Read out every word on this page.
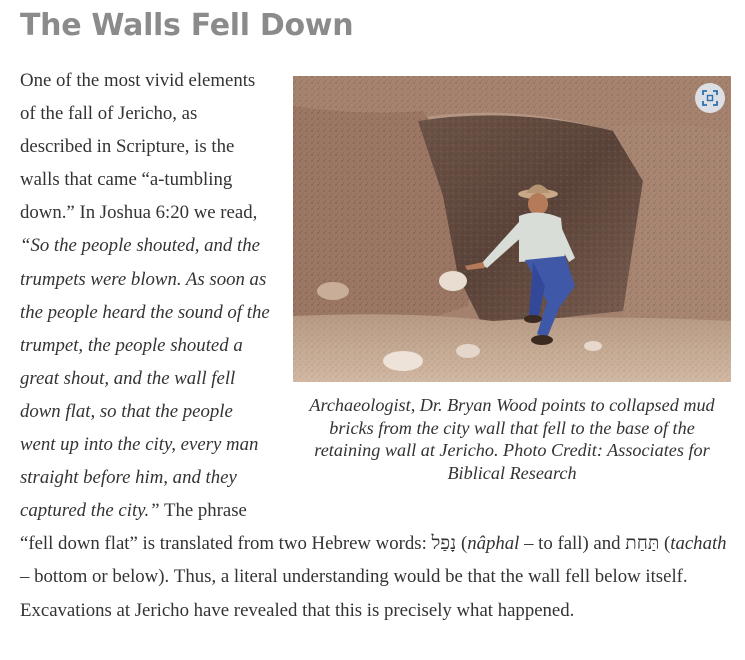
The Walls Fell Down
Archaeologist, Dr. Bryan Wood points to collapsed mud bricks from the city wall that fell to the base of the retaining wall at Jericho. Photo Credit: Associates for Biblical Research
One of the most vivid elements of the fall of Jericho, as described in Scripture, is the walls that came “a-tumbling down.” In Joshua 6:20 we read, “So the people shouted, and the trumpets were blown. As soon as the people heard the sound of the trumpet, the people shouted a great shout, and the wall fell down flat, so that the people went up into the city, every man straight before him, and they captured the city.” The phrase “fell down flat” is translated from two Hebrew words: נָפַל (nâphal – to fall) and תַּחַת (tachath – bottom or below). Thus, a literal understanding would be that the wall fell below itself. Excavations at Jericho have revealed that this is precisely what happened.
